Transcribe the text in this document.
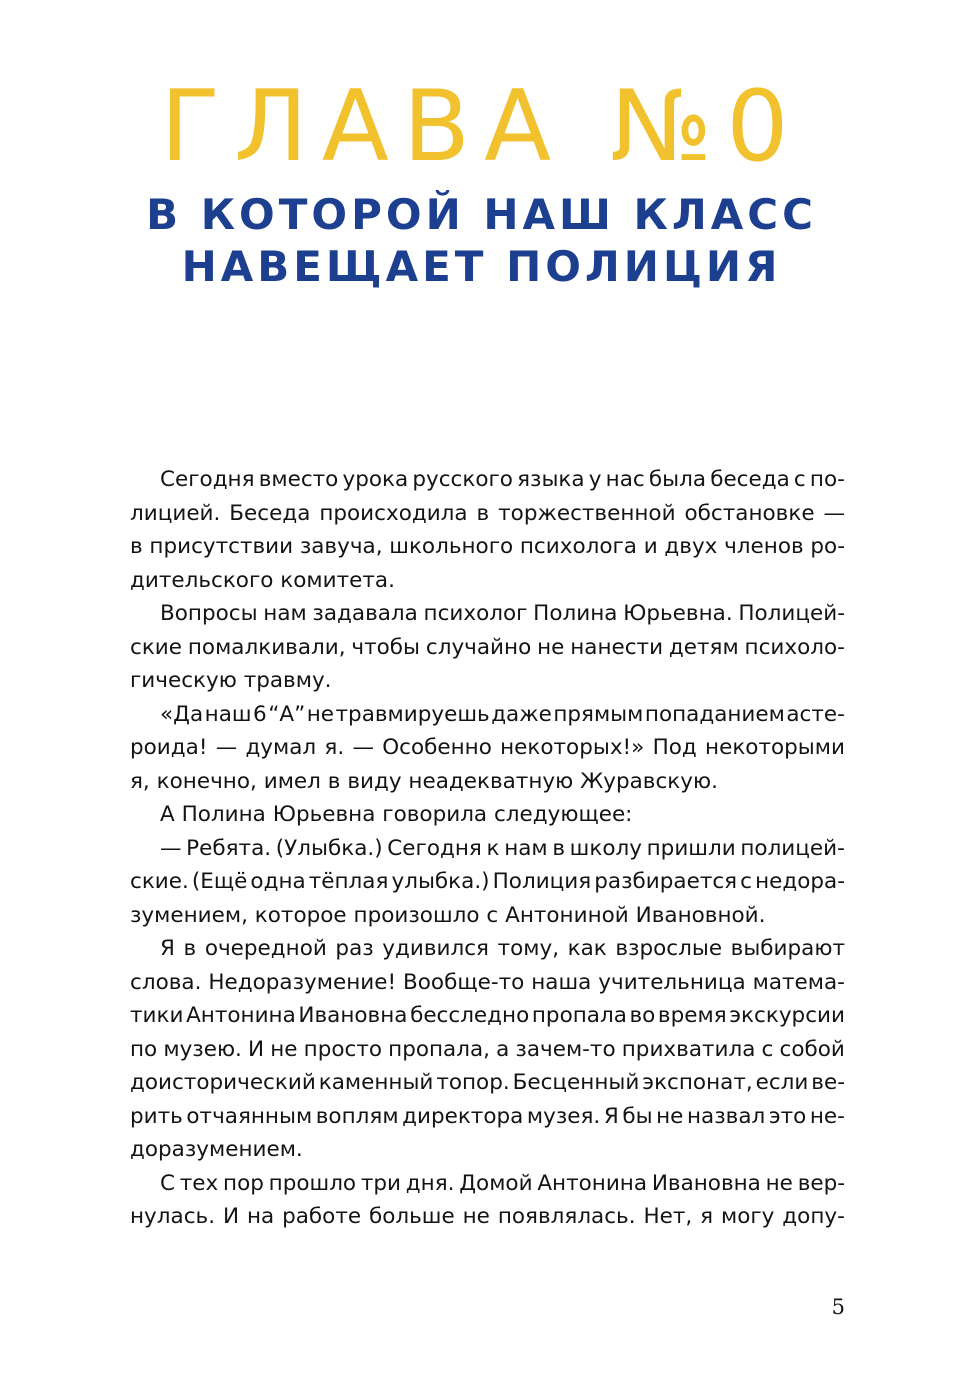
ГЛАВА №0
В КОТОРОЙ НАШ КЛАСС
НАВЕЩАЕТ ПОЛИЦИЯ
Сегодня вместо урока русского языка у нас была беседа с по-
лицией. Беседа происходила в торжественной обстановке —
в присутствии завуча, школьного психолога и двух членов ро-
дительского комитета.
Вопросы нам задавала психолог Полина Юрьевна. Полицей-
ские помалкивали, чтобы случайно не нанести детям психоло-
гическую травму.
«Да наш 6 “А” не травмируешь даже прямым попаданием асте-
роида! — думал я. — Особенно некоторых!» Под некоторыми
я, конечно, имел в виду неадекватную Журавскую.
А Полина Юрьевна говорила следующее:
— Ребята. (Улыбка.) Сегодня к нам в школу пришли полицей-
ские. (Ещё одна тёплая улыбка.) Полиция разбирается с недора-
зумением, которое произошло с Антониной Ивановной.
Я в очередной раз удивился тому, как взрослые выбирают
слова. Недоразумение! Вообще-то наша учительница матема-
тики Антонина Ивановна бесследно пропала во время экскурсии
по музею. И не просто пропала, а зачем-то прихватила с собой
доисторический каменный топор. Бесценный экспонат, если ве-
рить отчаянным воплям директора музея. Я бы не назвал это не-
доразумением.
С тех пор прошло три дня. Домой Антонина Ивановна не вер-
нулась. И на работе больше не появлялась. Нет, я могу допу-
5
